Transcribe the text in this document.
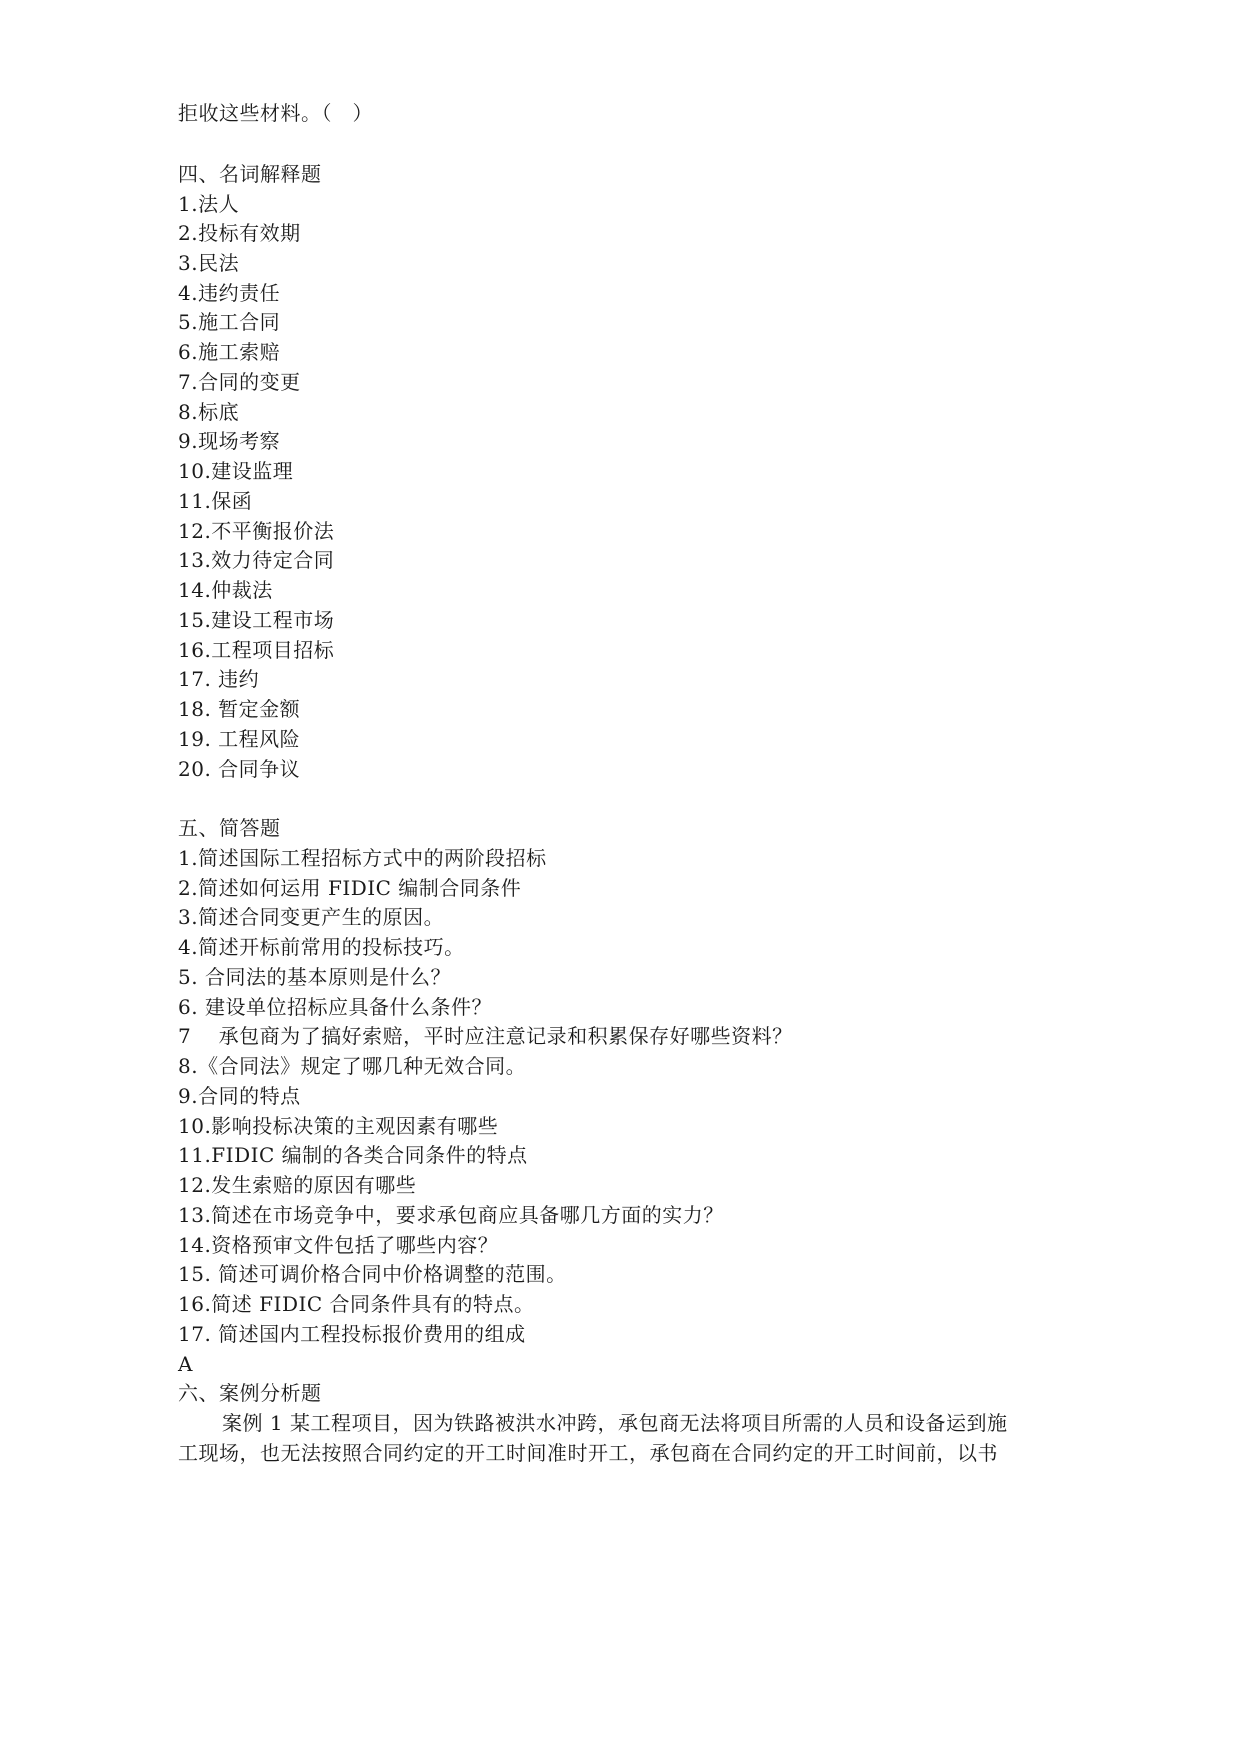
拒收这些材料。（　）
四、名词解释题
1.法人
2.投标有效期
3.民法
4.违约责任
5.施工合同
6.施工索赔
7.合同的变更
8.标底
9.现场考察
10.建设监理
11.保函
12.不平衡报价法
13.效力待定合同
14.仲裁法
15.建设工程市场
16.工程项目招标
17. 违约
18. 暂定金额
19. 工程风险
20. 合同争议
五、简答题
1.简述国际工程招标方式中的两阶段招标
2.简述如何运用 FIDIC 编制合同条件
3.简述合同变更产生的原因。
4.简述开标前常用的投标技巧。
5. 合同法的基本原则是什么？
6. 建设单位招标应具备什么条件？
7　 承包商为了搞好索赔，平时应注意记录和积累保存好哪些资料？
8.《合同法》规定了哪几种无效合同。
9.合同的特点
10.影响投标决策的主观因素有哪些
11.FIDIC 编制的各类合同条件的特点
12.发生索赔的原因有哪些
13.简述在市场竞争中，要求承包商应具备哪几方面的实力？
14.资格预审文件包括了哪些内容？
15. 简述可调价格合同中价格调整的范围。
16.简述 FIDIC 合同条件具有的特点。
17. 简述国内工程投标报价费用的组成
A
六、案例分析题
案例 1 某工程项目，因为铁路被洪水冲跨，承包商无法将项目所需的人员和设备运到施
工现场，也无法按照合同约定的开工时间准时开工，承包商在合同约定的开工时间前，以书
